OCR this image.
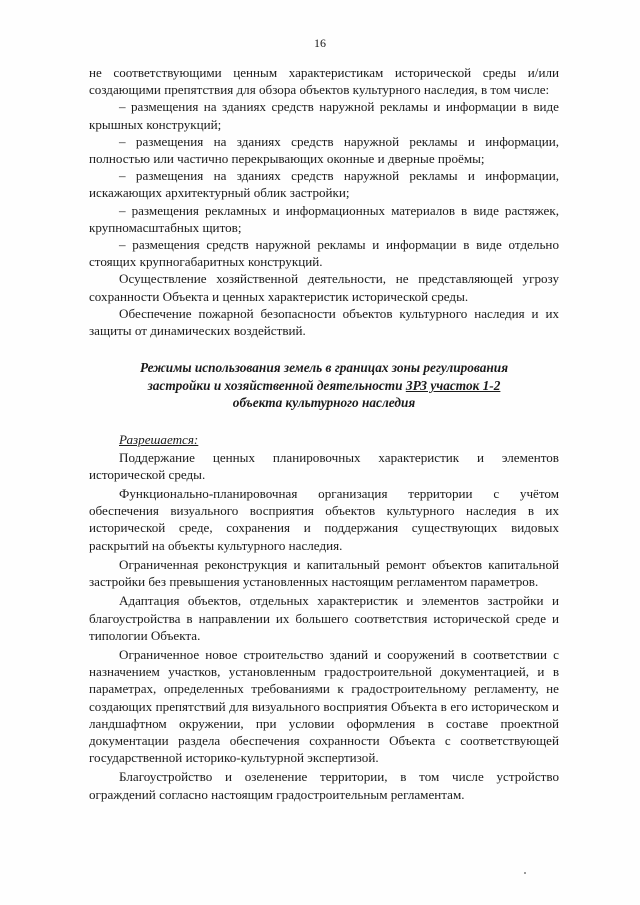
16

не соответствующими ценным характеристикам исторической среды и/или создающими препятствия для обзора объектов культурного наследия, в том числе:

– размещения на зданиях средств наружной рекламы и информации в виде крышных конструкций;

– размещения на зданиях средств наружной рекламы и информации, полностью или частично перекрывающих оконные и дверные проёмы;

– размещения на зданиях средств наружной рекламы и информации, искажающих архитектурный облик застройки;

– размещения рекламных и информационных материалов в виде растяжек, крупномасштабных щитов;

– размещения средств наружной рекламы и информации в виде отдельно стоящих крупногабаритных конструкций.

Осуществление хозяйственной деятельности, не представляющей угрозу сохранности Объекта и ценных характеристик исторической среды.

Обеспечение пожарной безопасности объектов культурного наследия и их защиты от динамических воздействий.

Режимы использования земель в границах зоны регулирования
застройки и хозяйственной деятельности ЗРЗ участок 1-2
объекта культурного наследия

Разрешается:

Поддержание ценных планировочных характеристик и элементов исторической среды.

Функционально-планировочная организация территории с учётом обеспечения визуального восприятия объектов культурного наследия в их исторической среде, сохранения и поддержания существующих видовых раскрытий на объекты культурного наследия.

Ограниченная реконструкция и капитальный ремонт объектов капитальной застройки без превышения установленных настоящим регламентом параметров.

Адаптация объектов, отдельных характеристик и элементов застройки и благоустройства в направлении их большего соответствия исторической среде и типологии Объекта.

Ограниченное новое строительство зданий и сооружений в соответствии с назначением участков, установленным градостроительной документацией, и в параметрах, определенных требованиями к градостроительному регламенту, не создающих препятствий для визуального восприятия Объекта в его историческом и ландшафтном окружении, при условии оформления в составе проектной документации раздела обеспечения сохранности Объекта с соответствующей государственной историко-культурной экспертизой.

Благоустройство и озеленение территории, в том числе устройство ограждений согласно настоящим градостроительным регламентам.
